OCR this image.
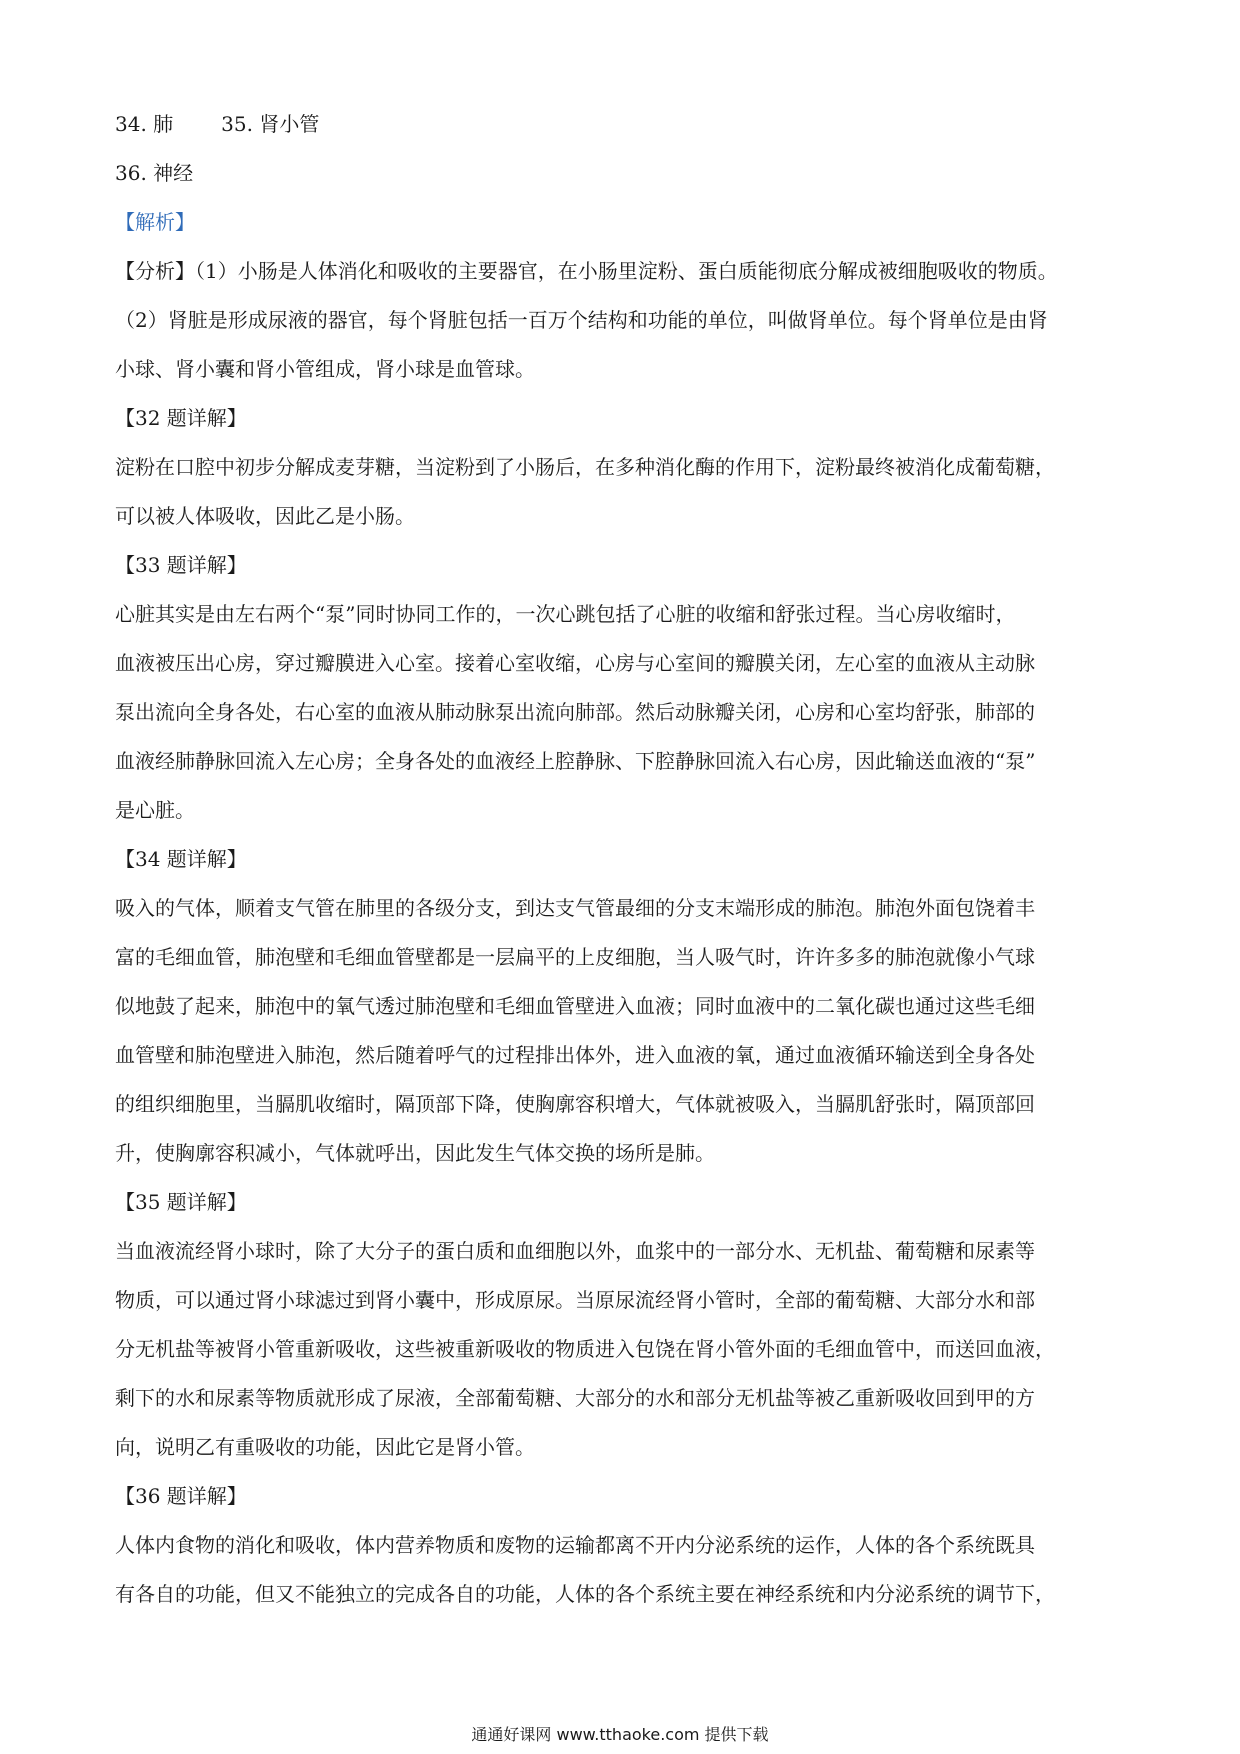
34. 肺 35. 肾小管
36. 神经
【解析】
【分析】（1）小肠是人体消化和吸收的主要器官，在小肠里淀粉、蛋白质能彻底分解成被细胞吸收的物质。
（2）肾脏是形成尿液的器官，每个肾脏包括一百万个结构和功能的单位，叫做肾单位。每个肾单位是由肾
小球、肾小囊和肾小管组成，肾小球是血管球。
【32 题详解】
淀粉在口腔中初步分解成麦芽糖，当淀粉到了小肠后，在多种消化酶的作用下，淀粉最终被消化成葡萄糖，
可以被人体吸收，因此乙是小肠。
【33 题详解】
心脏其实是由左右两个“泵”同时协同工作的，一次心跳包括了心脏的收缩和舒张过程。当心房收缩时，
血液被压出心房，穿过瓣膜进入心室。接着心室收缩，心房与心室间的瓣膜关闭，左心室的血液从主动脉
泵出流向全身各处，右心室的血液从肺动脉泵出流向肺部。然后动脉瓣关闭，心房和心室均舒张，肺部的
血液经肺静脉回流入左心房；全身各处的血液经上腔静脉、下腔静脉回流入右心房，因此输送血液的“泵”
是心脏。
【34 题详解】
吸入的气体，顺着支气管在肺里的各级分支，到达支气管最细的分支末端形成的肺泡。肺泡外面包饶着丰
富的毛细血管，肺泡壁和毛细血管壁都是一层扁平的上皮细胞，当人吸气时，许许多多的肺泡就像小气球
似地鼓了起来，肺泡中的氧气透过肺泡壁和毛细血管壁进入血液；同时血液中的二氧化碳也通过这些毛细
血管壁和肺泡壁进入肺泡，然后随着呼气的过程排出体外，进入血液的氧，通过血液循环输送到全身各处
的组织细胞里，当膈肌收缩时，隔顶部下降，使胸廓容积增大，气体就被吸入，当膈肌舒张时，隔顶部回
升，使胸廓容积减小，气体就呼出，因此发生气体交换的场所是肺。
【35 题详解】
当血液流经肾小球时，除了大分子的蛋白质和血细胞以外，血浆中的一部分水、无机盐、葡萄糖和尿素等
物质，可以通过肾小球滤过到肾小囊中，形成原尿。当原尿流经肾小管时，全部的葡萄糖、大部分水和部
分无机盐等被肾小管重新吸收，这些被重新吸收的物质进入包饶在肾小管外面的毛细血管中，而送回血液，
剩下的水和尿素等物质就形成了尿液，全部葡萄糖、大部分的水和部分无机盐等被乙重新吸收回到甲的方
向，说明乙有重吸收的功能，因此它是肾小管。
【36 题详解】
人体内食物的消化和吸收，体内营养物质和废物的运输都离不开内分泌系统的运作，人体的各个系统既具
有各自的功能，但又不能独立的完成各自的功能，人体的各个系统主要在神经系统和内分泌系统的调节下，
通通好课网 www.tthaoke.com 提供下载
